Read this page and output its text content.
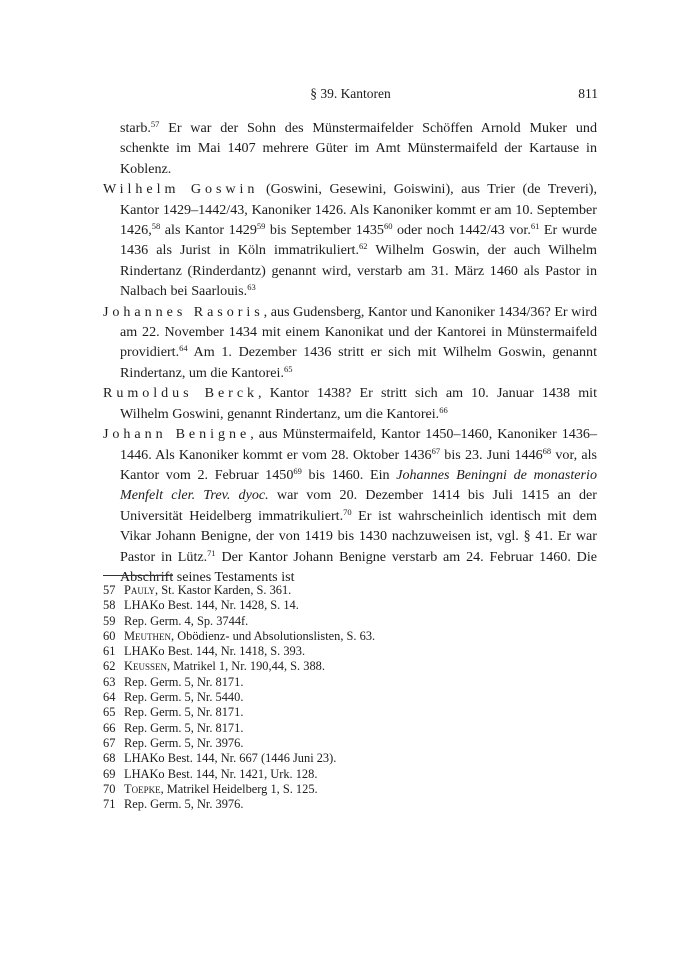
§ 39. Kantoren	811

starb.$^{57}$ Er war der Sohn des Münstermaifelder Schöffen Arnold Muker und schenkte im Mai 1407 mehrere Güter im Amt Münstermaifeld der Kartause in Koblenz.

Wilhelm Goswin (Goswini, Gesewini, Goiswini), aus Trier (de Treveri), Kantor 1429–1442/43, Kanoniker 1426. Als Kanoniker kommt er am 10. September 1426,58 als Kantor 1429$^{59}$ bis September 1435$^{60}$ oder noch 1442/43 vor.$^{61}$ Er wurde 1436 als Jurist in Köln immatrikuliert.$^{62}$ Wilhelm Goswin, der auch Wilhelm Rindertanz (Rinderdantz) genannt wird, verstarb am 31. März 1460 als Pastor in Nalbach bei Saarlouis.$^{63}$

Johannes Rasoris, aus Gudensberg, Kantor und Kanoniker 1434/36? Er wird am 22. November 1434 mit einem Kanonikat und der Kantorei in Münstermaifeld providiert.$^{64}$ Am 1. Dezember 1436 stritt er sich mit Wilhelm Goswin, genannt Rindertanz, um die Kantorei.$^{65}$

Rumoldus Berck, Kantor 1438? Er stritt sich am 10. Januar 1438 mit Wilhelm Goswini, genannt Rindertanz, um die Kantorei.$^{66}$

Johann Benigne, aus Münstermaifeld, Kantor 1450–1460, Kanoniker 1436–1446. Als Kanoniker kommt er vom 28. Oktober 1436$^{67}$ bis 23. Juni 1446$^{68}$ vor, als Kantor vom 2. Februar 1450$^{69}$ bis 1460. Ein Johannes Beningni de monasterio Menfelt cler. Trev. dyoc. war vom 20. Dezember 1414 bis Juli 1415 an der Universität Heidelberg immatrikuliert.$^{70}$ Er ist wahrscheinlich identisch mit dem Vikar Johann Benigne, der von 1419 bis 1430 nachzuweisen ist, vgl. § 41. Er war Pastor in Lütz.$^{71}$ Der Kantor Johann Benigne verstarb am 24. Februar 1460. Die Abschrift seines Testaments ist

57 Pauly, St. Kastor Karden, S. 361.
58 LHAKo Best. 144, Nr. 1428, S. 14.
59 Rep. Germ. 4, Sp. 3744f.
60 Meuthen, Obödienz- und Absolutionslisten, S. 63.
61 LHAKo Best. 144, Nr. 1418, S. 393.
62 Keussen, Matrikel 1, Nr. 190,44, S. 388.
63 Rep. Germ. 5, Nr. 8171.
64 Rep. Germ. 5, Nr. 5440.
65 Rep. Germ. 5, Nr. 8171.
66 Rep. Germ. 5, Nr. 8171.
67 Rep. Germ. 5, Nr. 3976.
68 LHAKo Best. 144, Nr. 667 (1446 Juni 23).
69 LHAKo Best. 144, Nr. 1421, Urk. 128.
70 Toepke, Matrikel Heidelberg 1, S. 125.
71 Rep. Germ. 5, Nr. 3976.
